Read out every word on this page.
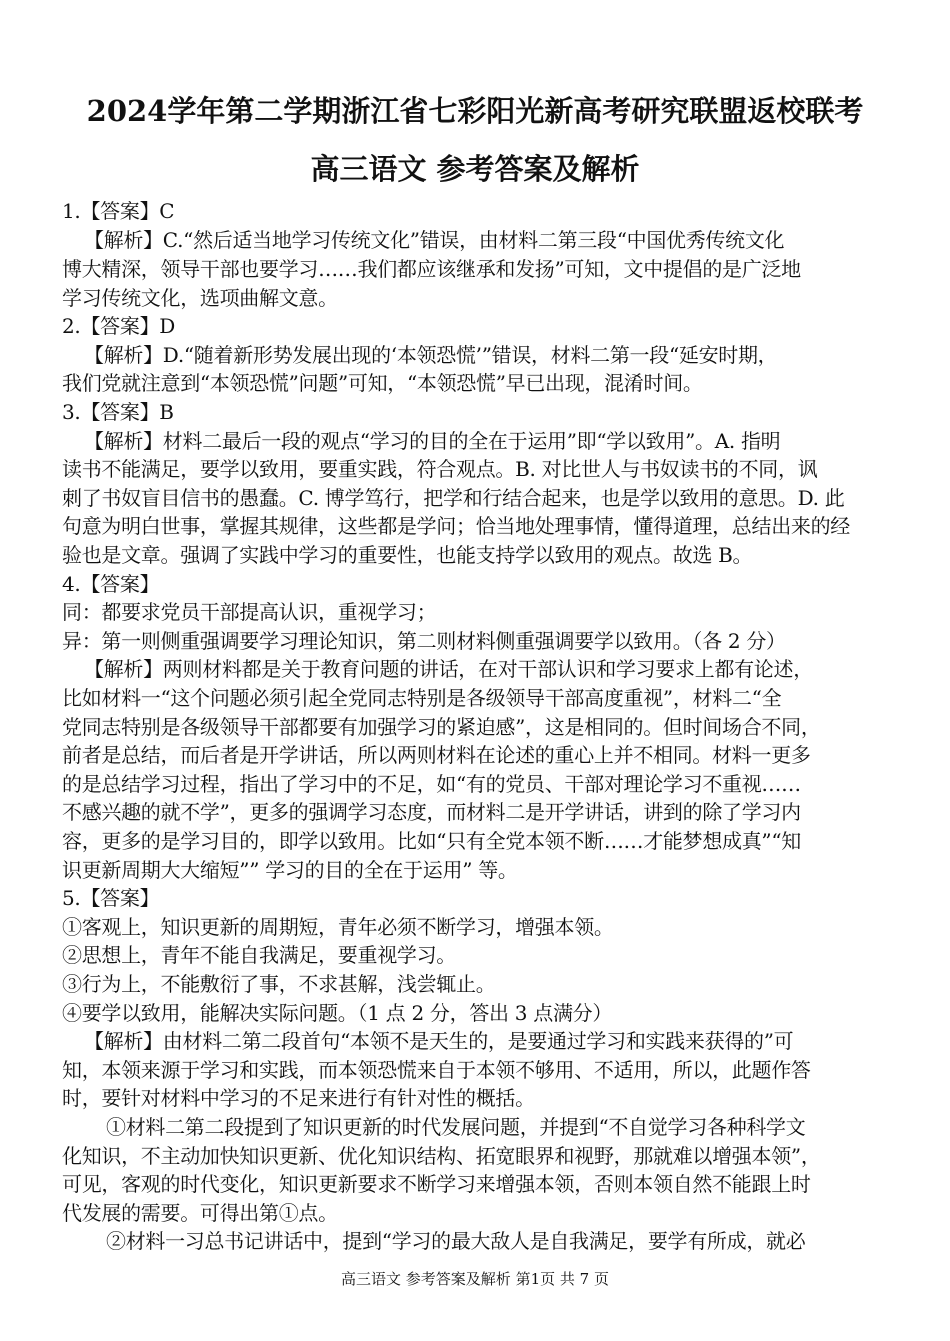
2024学年第二学期浙江省七彩阳光新高考研究联盟返校联考
高三语文 参考答案及解析
1.【答案】C
【解析】C.“然后适当地学习传统文化”错误，由材料二第三段“中国优秀传统文化
博大精深，领导干部也要学习……我们都应该继承和发扬”可知，文中提倡的是广泛地
学习传统文化，选项曲解文意。
2.【答案】D
【解析】D.“随着新形势发展出现的‘本领恐慌’”错误，材料二第一段“延安时期，
我们党就注意到“本领恐慌”问题”可知，“本领恐慌”早已出现，混淆时间。
3.【答案】B
【解析】材料二最后一段的观点“学习的目的全在于运用”即“学以致用”。A. 指明
读书不能满足，要学以致用，要重实践，符合观点。B. 对比世人与书奴读书的不同，讽
刺了书奴盲目信书的愚蠢。C. 博学笃行，把学和行结合起来，也是学以致用的意思。D. 此
句意为明白世事，掌握其规律，这些都是学问；恰当地处理事情，懂得道理，总结出来的经
验也是文章。强调了实践中学习的重要性，也能支持学以致用的观点。故选 B。
4.【答案】
同：都要求党员干部提高认识，重视学习；
异：第一则侧重强调要学习理论知识，第二则材料侧重强调要学以致用。（各 2 分）
【解析】两则材料都是关于教育问题的讲话，在对干部认识和学习要求上都有论述，
比如材料一“这个问题必须引起全党同志特别是各级领导干部高度重视”，材料二“全
党同志特别是各级领导干部都要有加强学习的紧迫感”，这是相同的。但时间场合不同，
前者是总结，而后者是开学讲话，所以两则材料在论述的重心上并不相同。材料一更多
的是总结学习过程，指出了学习中的不足，如“有的党员、干部对理论学习不重视……
不感兴趣的就不学”，更多的强调学习态度，而材料二是开学讲话，讲到的除了学习内
容，更多的是学习目的，即学以致用。比如“只有全党本领不断……才能梦想成真”“知
识更新周期大大缩短”” 学习的目的全在于运用” 等。
5.【答案】
①客观上，知识更新的周期短，青年必须不断学习，增强本领。
②思想上，青年不能自我满足，要重视学习。
③行为上，不能敷衍了事，不求甚解，浅尝辄止。
④要学以致用，能解决实际问题。（1 点 2 分，答出 3 点满分）
【解析】由材料二第二段首句“本领不是天生的，是要通过学习和实践来获得的”可
知，本领来源于学习和实践，而本领恐慌来自于本领不够用、不适用，所以，此题作答
时，要针对材料中学习的不足来进行有针对性的概括。
①材料二第二段提到了知识更新的时代发展问题，并提到“不自觉学习各种科学文
化知识，不主动加快知识更新、优化知识结构、拓宽眼界和视野，那就难以增强本领”，
可见，客观的时代变化，知识更新要求不断学习来增强本领，否则本领自然不能跟上时
代发展的需要。可得出第①点。
②材料一习总书记讲话中，提到“学习的最大敌人是自我满足，要学有所成，就必
高三语文 参考答案及解析 第1页 共 7 页
